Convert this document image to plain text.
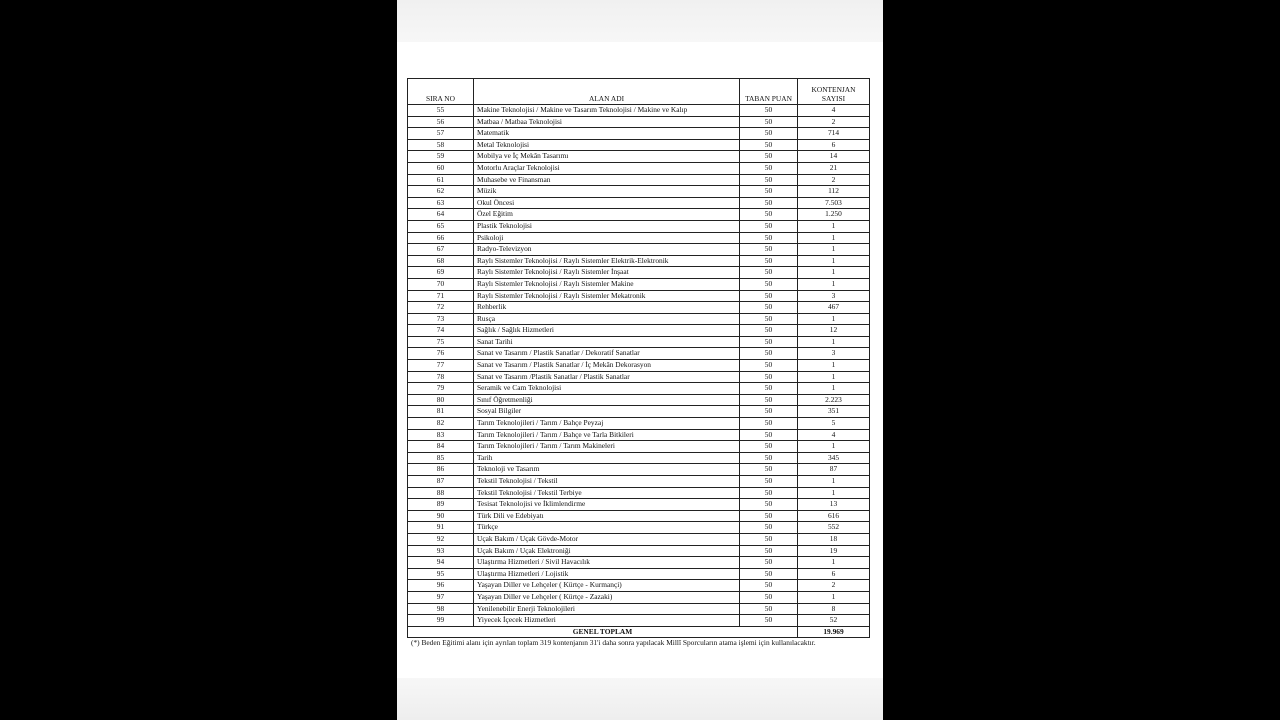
SIRA NO	ALAN ADI	TABAN PUAN	KONTENJAN SAYISI
55	Makine Teknolojisi / Makine ve Tasarım Teknolojisi / Makine ve Kalıp	50	4
56	Matbaa / Matbaa Teknolojisi	50	2
57	Matematik	50	714
58	Metal Teknolojisi	50	6
59	Mobilya ve İç Mekân Tasarımı	50	14
60	Motorlu Araçlar Teknolojisi	50	21
61	Muhasebe ve Finansman	50	2
62	Müzik	50	112
63	Okul Öncesi	50	7.503
64	Özel Eğitim	50	1.250
65	Plastik Teknolojisi	50	1
66	Psikoloji	50	1
67	Radyo-Televizyon	50	1
68	Raylı Sistemler Teknolojisi / Raylı Sistemler Elektrik-Elektronik	50	1
69	Raylı Sistemler Teknolojisi / Raylı Sistemler İnşaat	50	1
70	Raylı Sistemler Teknolojisi / Raylı Sistemler Makine	50	1
71	Raylı Sistemler Teknolojisi / Raylı Sistemler Mekatronik	50	3
72	Rehberlik	50	467
73	Rusça	50	1
74	Sağlık / Sağlık Hizmetleri	50	12
75	Sanat Tarihi	50	1
76	Sanat ve Tasarım / Plastik Sanatlar / Dekoratif Sanatlar	50	3
77	Sanat ve Tasarım / Plastik Sanatlar / İç Mekân Dekorasyon	50	1
78	Sanat ve Tasarım /Plastik Sanatlar / Plastik Sanatlar	50	1
79	Seramik ve Cam Teknolojisi	50	1
80	Sınıf Öğretmenliği	50	2.223
81	Sosyal Bilgiler	50	351
82	Tarım Teknolojileri / Tarım / Bahçe Peyzaj	50	5
83	Tarım Teknolojileri / Tarım / Bahçe ve Tarla Bitkileri	50	4
84	Tarım Teknolojileri / Tarım / Tarım Makineleri	50	1
85	Tarih	50	345
86	Teknoloji ve Tasarım	50	87
87	Tekstil Teknolojisi / Tekstil	50	1
88	Tekstil Teknolojisi / Tekstil Terbiye	50	1
89	Tesisat Teknolojisi ve İklimlendirme	50	13
90	Türk Dili ve Edebiyatı	50	616
91	Türkçe	50	552
92	Uçak Bakım / Uçak Gövde-Motor	50	18
93	Uçak Bakım / Uçak Elektroniği	50	19
94	Ulaştırma Hizmetleri / Sivil Havacılık	50	1
95	Ulaştırma Hizmetleri / Lojistik	50	6
96	Yaşayan Diller ve Lehçeler ( Kürtçe - Kurmançi)	50	2
97	Yaşayan Diller ve Lehçeler ( Kürtçe - Zazaki)	50	1
98	Yenilenebilir Enerji Teknolojileri	50	8
99	Yiyecek İçecek Hizmetleri	50	52
GENEL TOPLAM			19.969
(*) Beden Eğitimi alanı için ayrılan toplam 319 kontenjanın 31'i daha sonra yapılacak Millî Sporcuların atama işlemi için kullanılacaktır.
